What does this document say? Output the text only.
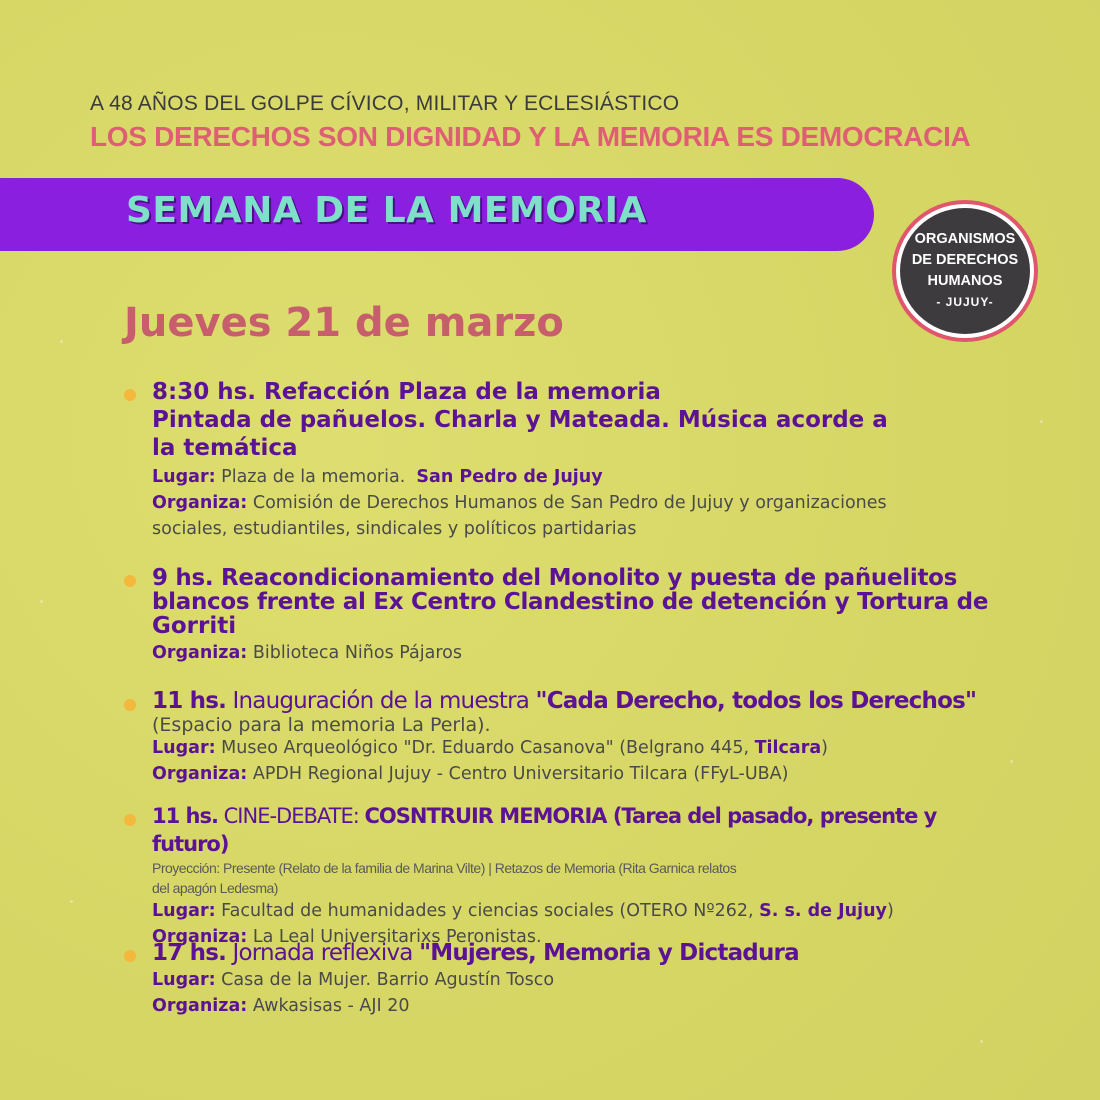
A 48 AÑOS DEL GOLPE CÍVICO, MILITAR Y ECLESIÁSTICO
LOS DERECHOS SON DIGNIDAD Y LA MEMORIA ES DEMOCRACIA
SEMANA DE LA MEMORIA
ORGANISMOS
DE DERECHOS
HUMANOS
- JUJUY-
Jueves 21 de marzo
8:30 hs. Refacción Plaza de la memoria
Pintada de pañuelos. Charla y Mateada. Música acorde a
la temática
Lugar: Plaza de la memoria. San Pedro de Jujuy
Organiza: Comisión de Derechos Humanos de San Pedro de Jujuy y organizaciones
sociales, estudiantiles, sindicales y políticos partidarias
9 hs. Reacondicionamiento del Monolito y puesta de pañuelitos
blancos frente al Ex Centro Clandestino de detención y Tortura de
Gorriti
Organiza: Biblioteca Niños Pájaros
11 hs. Inauguración de la muestra "Cada Derecho, todos los Derechos"
(Espacio para la memoria La Perla).
Lugar: Museo Arqueológico "Dr. Eduardo Casanova" (Belgrano 445, Tilcara)
Organiza: APDH Regional Jujuy - Centro Universitario Tilcara (FFyL-UBA)
11 hs. CINE-DEBATE: COSNTRUIR MEMORIA (Tarea del pasado, presente y futuro)
Proyección: Presente (Relato de la familia de Marina Vilte) | Retazos de Memoria (Rita Garnica relatos
del apagón Ledesma)
Lugar: Facultad de humanidades y ciencias sociales (OTERO Nº262, S. s. de Jujuy)
Organiza: La Leal Universitarixs Peronistas.
17 hs. Jornada reflexiva "Mujeres, Memoria y Dictadura
Lugar: Casa de la Mujer. Barrio Agustín Tosco
Organiza: Awkasisas - AJI 20
